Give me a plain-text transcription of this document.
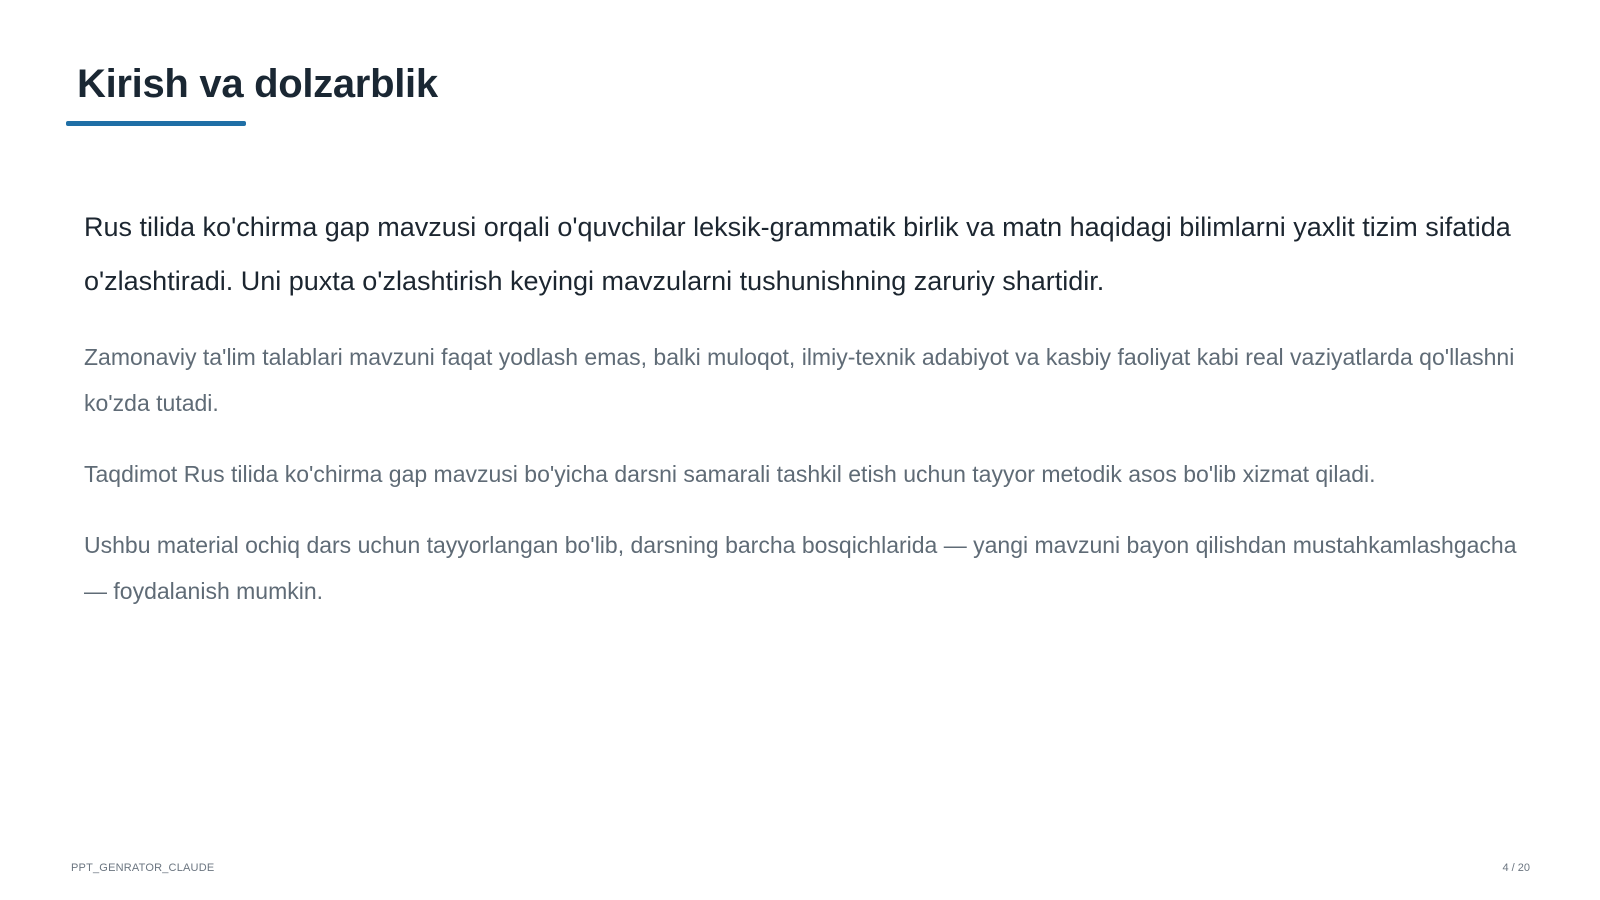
Kirish va dolzarblik

Rus tilida ko'chirma gap mavzusi orqali o'quvchilar leksik-grammatik birlik va matn haqidagi bilimlarni yaxlit tizim sifatida o'zlashtiradi. Uni puxta o'zlashtirish keyingi mavzularni tushunishning zaruriy shartidir.

Zamonaviy ta'lim talablari mavzuni faqat yodlash emas, balki muloqot, ilmiy-texnik adabiyot va kasbiy faoliyat kabi real vaziyatlarda qo'llashni ko'zda tutadi.

Taqdimot Rus tilida ko'chirma gap mavzusi bo'yicha darsni samarali tashkil etish uchun tayyor metodik asos bo'lib xizmat qiladi.

Ushbu material ochiq dars uchun tayyorlangan bo'lib, darsning barcha bosqichlarida — yangi mavzuni bayon qilishdan mustahkamlashgacha — foydalanish mumkin.

PPT_GENRATOR_CLAUDE	4 / 20
